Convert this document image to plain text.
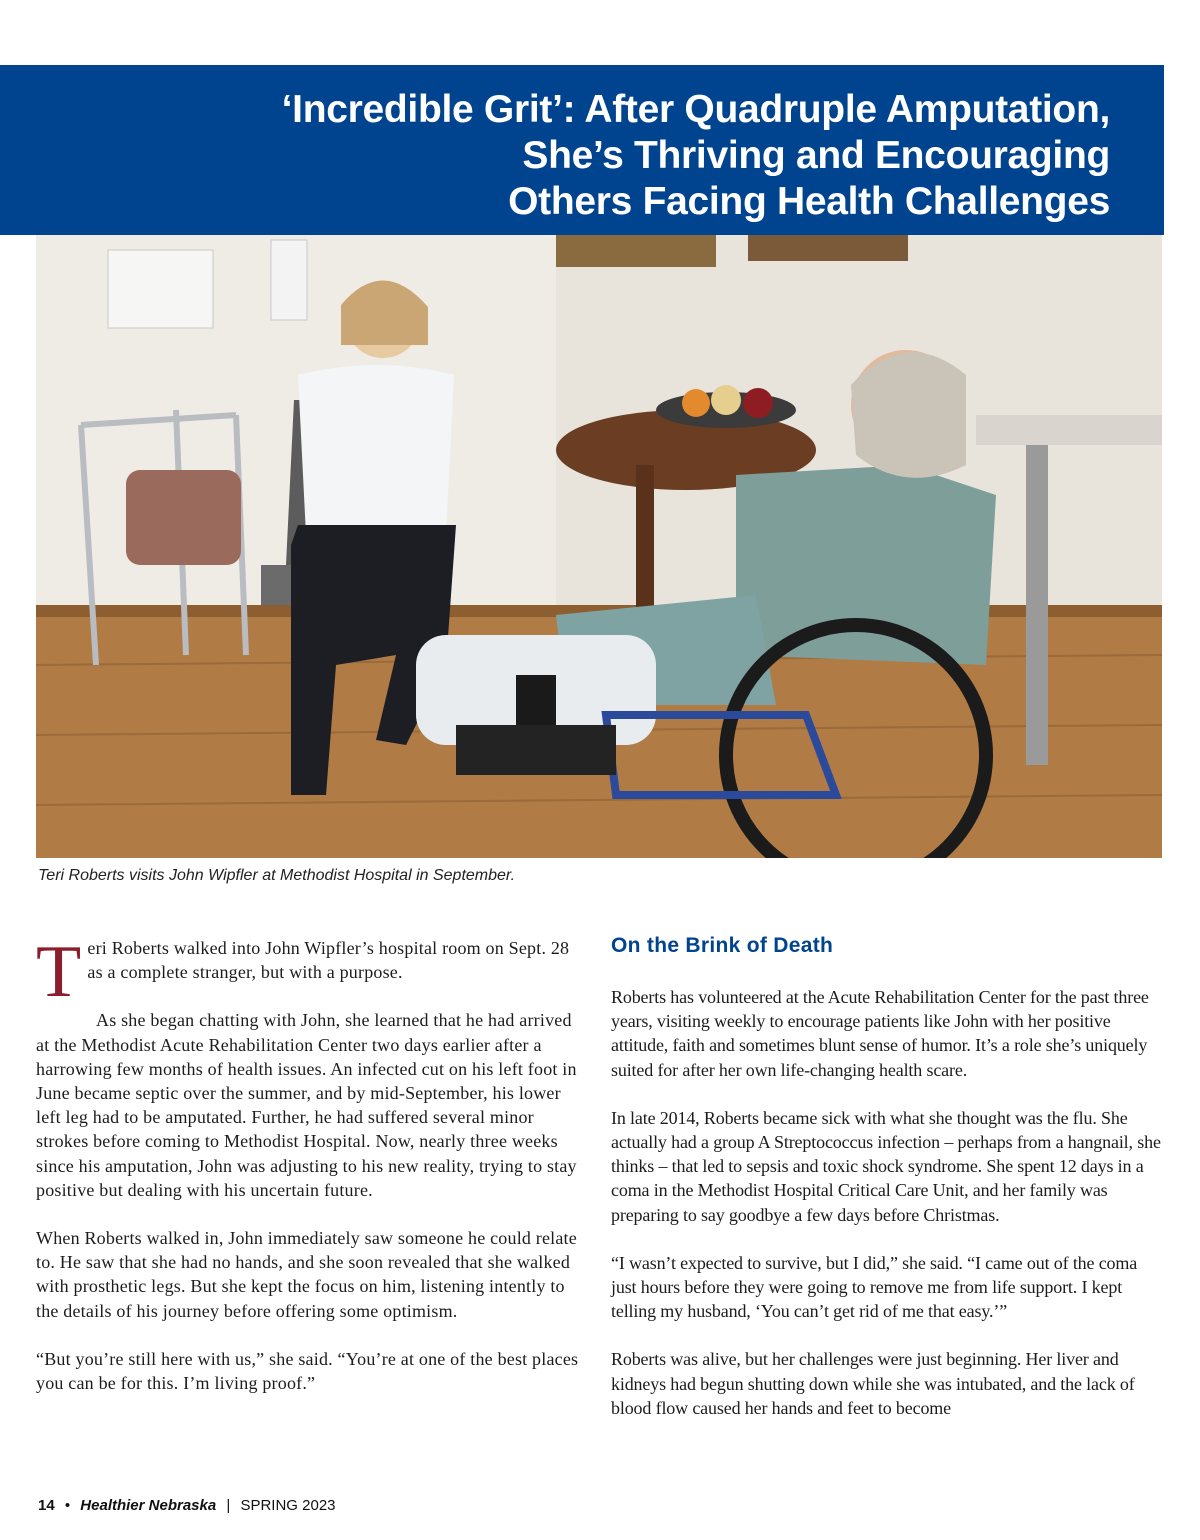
‘Incredible Grit’: After Quadruple Amputation,
She’s Thriving and Encouraging
Others Facing Health Challenges
Teri Roberts visits John Wipfler at Methodist Hospital in September.

Teri Roberts walked into John Wipfler’s hospital room on Sept. 28 as a complete stranger, but with a purpose.

As she began chatting with John, she learned that he had arrived at the Methodist Acute Rehabilitation Center two days earlier after a harrowing few months of health issues. An infected cut on his left foot in June became septic over the summer, and by mid-September, his lower left leg had to be amputated. Further, he had suffered several minor strokes before coming to Methodist Hospital. Now, nearly three weeks since his amputation, John was adjusting to his new reality, trying to stay positive but dealing with his uncertain future.

When Roberts walked in, John immediately saw someone he could relate to. He saw that she had no hands, and she soon revealed that she walked with prosthetic legs. But she kept the focus on him, listening intently to the details of his journey before offering some optimism.

“But you’re still here with us,” she said. “You’re at one of the best places you can be for this. I’m living proof.”

On the Brink of Death

Roberts has volunteered at the Acute Rehabilitation Center for the past three years, visiting weekly to encourage patients like John with her positive attitude, faith and sometimes blunt sense of humor. It’s a role she’s uniquely suited for after her own life-changing health scare.

In late 2014, Roberts became sick with what she thought was the flu. She actually had a group A Streptococcus infection – perhaps from a hangnail, she thinks – that led to sepsis and toxic shock syndrome. She spent 12 days in a coma in the Methodist Hospital Critical Care Unit, and her family was preparing to say goodbye a few days before Christmas.

“I wasn’t expected to survive, but I did,” she said. “I came out of the coma just hours before they were going to remove me from life support. I kept telling my husband, ‘You can’t get rid of me that easy.’”

Roberts was alive, but her challenges were just beginning. Her liver and kidneys had begun shutting down while she was intubated, and the lack of blood flow caused her hands and feet to become

14 • Healthier Nebraska | SPRING 2023
